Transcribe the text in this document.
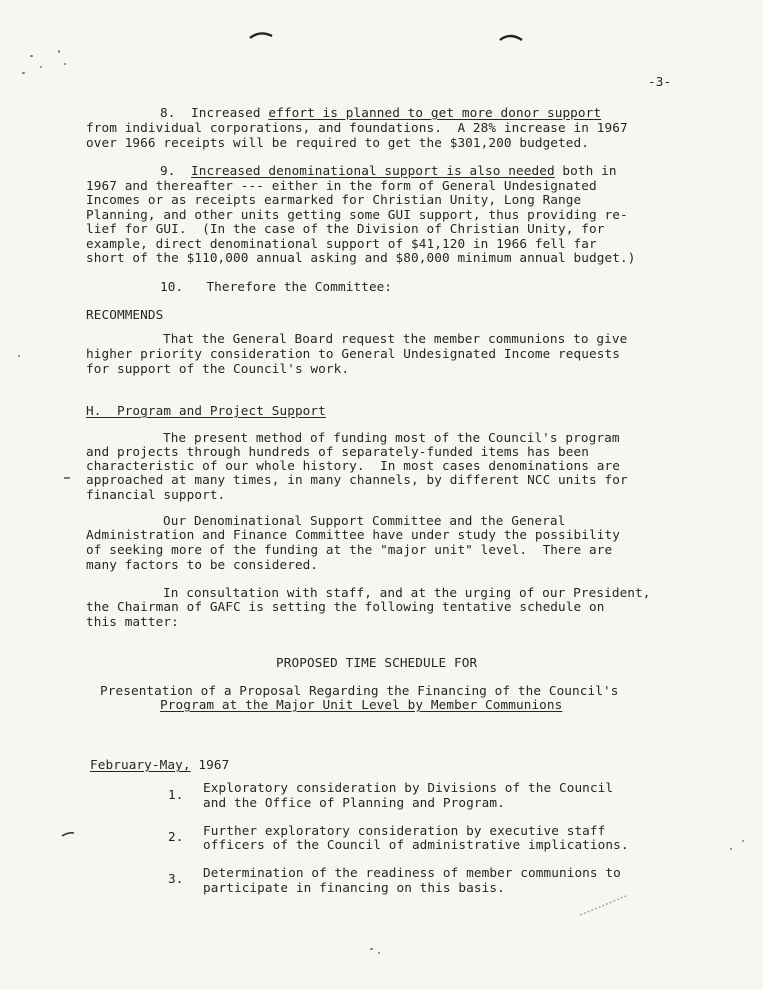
-3-
8. Increased effort is planned to get more donor support
from individual corporations, and foundations.  A 28% increase in 1967
over 1966 receipts will be required to get the $301,200 budgeted.
9. Increased denominational support is also needed both in
1967 and thereafter --- either in the form of General Undesignated
Incomes or as receipts earmarked for Christian Unity, Long Range
Planning, and other units getting some GUI support, thus providing re-
lief for GUI.  (In the case of the Division of Christian Unity, for
example, direct denominational support of $41,120 in 1966 fell far
short of the $110,000 annual asking and $80,000 minimum annual budget.)
10. Therefore the Committee:
RECOMMENDS
That the General Board request the member communions to give
higher priority consideration to General Undesignated Income requests
for support of the Council's work.
H.  Program and Project Support
The present method of funding most of the Council's program
and projects through hundreds of separately-funded items has been
characteristic of our whole history.  In most cases denominations are
approached at many times, in many channels, by different NCC units for
financial support.
Our Denominational Support Committee and the General
Administration and Finance Committee have under study the possibility
of seeking more of the funding at the "major unit" level.  There are
many factors to be considered.
In consultation with staff, and at the urging of our President,
the Chairman of GAFC is setting the following tentative schedule on
this matter:
PROPOSED TIME SCHEDULE FOR
Presentation of a Proposal Regarding the Financing of the Council's
Program at the Major Unit Level by Member Communions
February-May, 1967
1. Exploratory consideration by Divisions of the Council
and the Office of Planning and Program.
2. Further exploratory consideration by executive staff
officers of the Council of administrative implications.
3. Determination of the readiness of member communions to
participate in financing on this basis.
